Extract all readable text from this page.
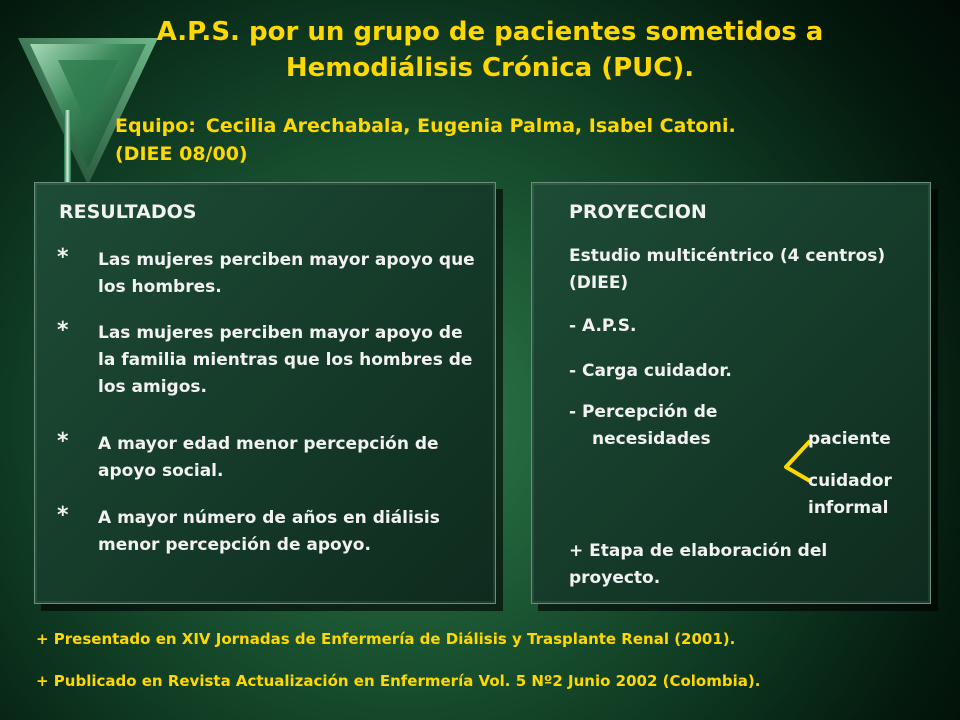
A.P.S. por un grupo de pacientes sometidos a Hemodiálisis Crónica (PUC).
Equipo: Cecilia Arechabala, Eugenia Palma, Isabel Catoni.
(DIEE 08/00)
RESULTADOS
* Las mujeres perciben mayor apoyo que los hombres.
* Las mujeres perciben mayor apoyo de la familia mientras que los hombres de los amigos.
* A mayor edad menor percepción de apoyo social.
* A mayor número de años en diálisis menor percepción de apoyo.
PROYECCION
Estudio multicéntrico (4 centros) (DIEE)
- A.P.S.
- Carga cuidador.
- Percepción de
necesidades	paciente
cuidador informal
+ Etapa de elaboración del proyecto.
+ Presentado en XIV Jornadas de Enfermería de Diálisis y Trasplante Renal (2001).
+ Publicado en Revista Actualización en Enfermería Vol. 5 Nº2 Junio 2002 (Colombia).
